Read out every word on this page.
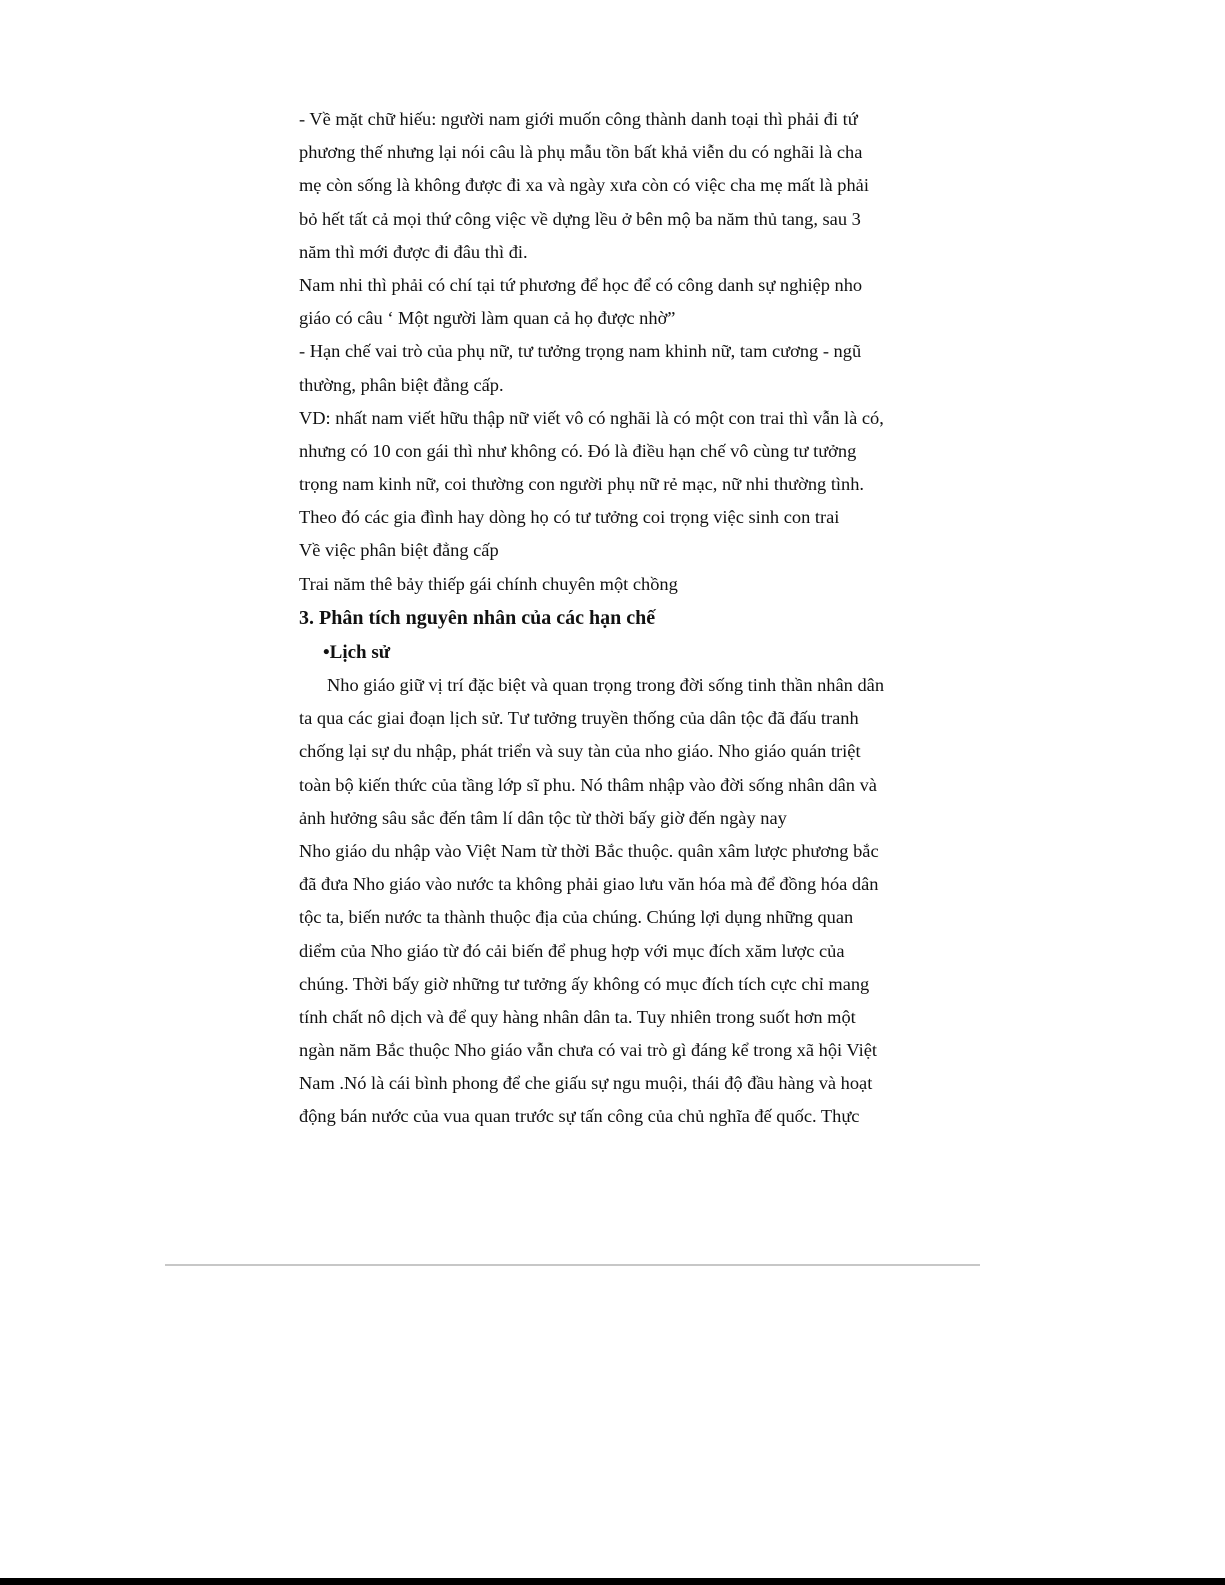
- Về mặt chữ hiếu: người nam giới muốn công thành danh toại thì phải đi tứ
phương thế nhưng lại nói câu là phụ mẫu tồn bất khả viễn du có nghãi là cha
mẹ còn sống là không được đi xa và ngày xưa còn có việc cha mẹ mất là phải
bỏ hết tất cả mọi thứ công việc về dựng lều ở bên mộ ba năm thủ tang, sau 3
năm thì mới được đi đâu thì đi.
Nam nhi thì phải có chí tại tứ phương để học để có công danh sự nghiệp nho
giáo có câu ‘ Một người làm quan cả họ được nhờ”
- Hạn chế vai trò của phụ nữ, tư tưởng trọng nam khinh nữ, tam cương - ngũ
thường, phân biệt đẳng cấp.
VD: nhất nam viết hữu thập nữ viết vô có nghãi là có một con trai thì vẫn là có,
nhưng có 10 con gái thì như không có. Đó là điều hạn chế vô cùng tư tưởng
trọng nam kinh nữ, coi thường con người phụ nữ rẻ mạc, nữ nhi thường tình.
Theo đó các gia đình hay dòng họ có tư tưởng coi trọng việc sinh con trai
Về việc phân biệt đẳng cấp
Trai năm thê bảy thiếp gái chính chuyên một chồng
3. Phân tích nguyên nhân của các hạn chế
•Lịch sử
Nho giáo giữ vị trí đặc biệt và quan trọng trong đời sống tinh thần nhân dân
ta qua các giai đoạn lịch sử. Tư tưởng truyền thống của dân tộc đã đấu tranh
chống lại sự du nhập, phát triển và suy tàn của nho giáo. Nho giáo quán triệt
toàn bộ kiến thức của tầng lớp sĩ phu. Nó thâm nhập vào đời sống nhân dân và
ảnh hưởng sâu sắc đến tâm lí dân tộc từ thời bấy giờ đến ngày nay
Nho giáo du nhập vào Việt Nam từ thời Bắc thuộc. quân xâm lược phương bắc
đã đưa Nho giáo vào nước ta không phải giao lưu văn hóa mà để đồng hóa dân
tộc ta, biến nước ta thành thuộc địa của chúng. Chúng lợi dụng những quan
diểm của Nho giáo từ đó cải biến để phug hợp với mục đích xăm lược của
chúng. Thời bấy giờ những tư tưởng ấy không có mục đích tích cực chỉ mang
tính chất nô dịch và để quy hàng nhân dân ta. Tuy nhiên trong suốt hơn một
ngàn năm Bắc thuộc Nho giáo vẫn chưa có vai trò gì đáng kể trong xã hội Việt
Nam .Nó là cái bình phong để che giấu sự ngu muội, thái độ đầu hàng và hoạt
động bán nước của vua quan trước sự tấn công của chủ nghĩa đế quốc. Thực
